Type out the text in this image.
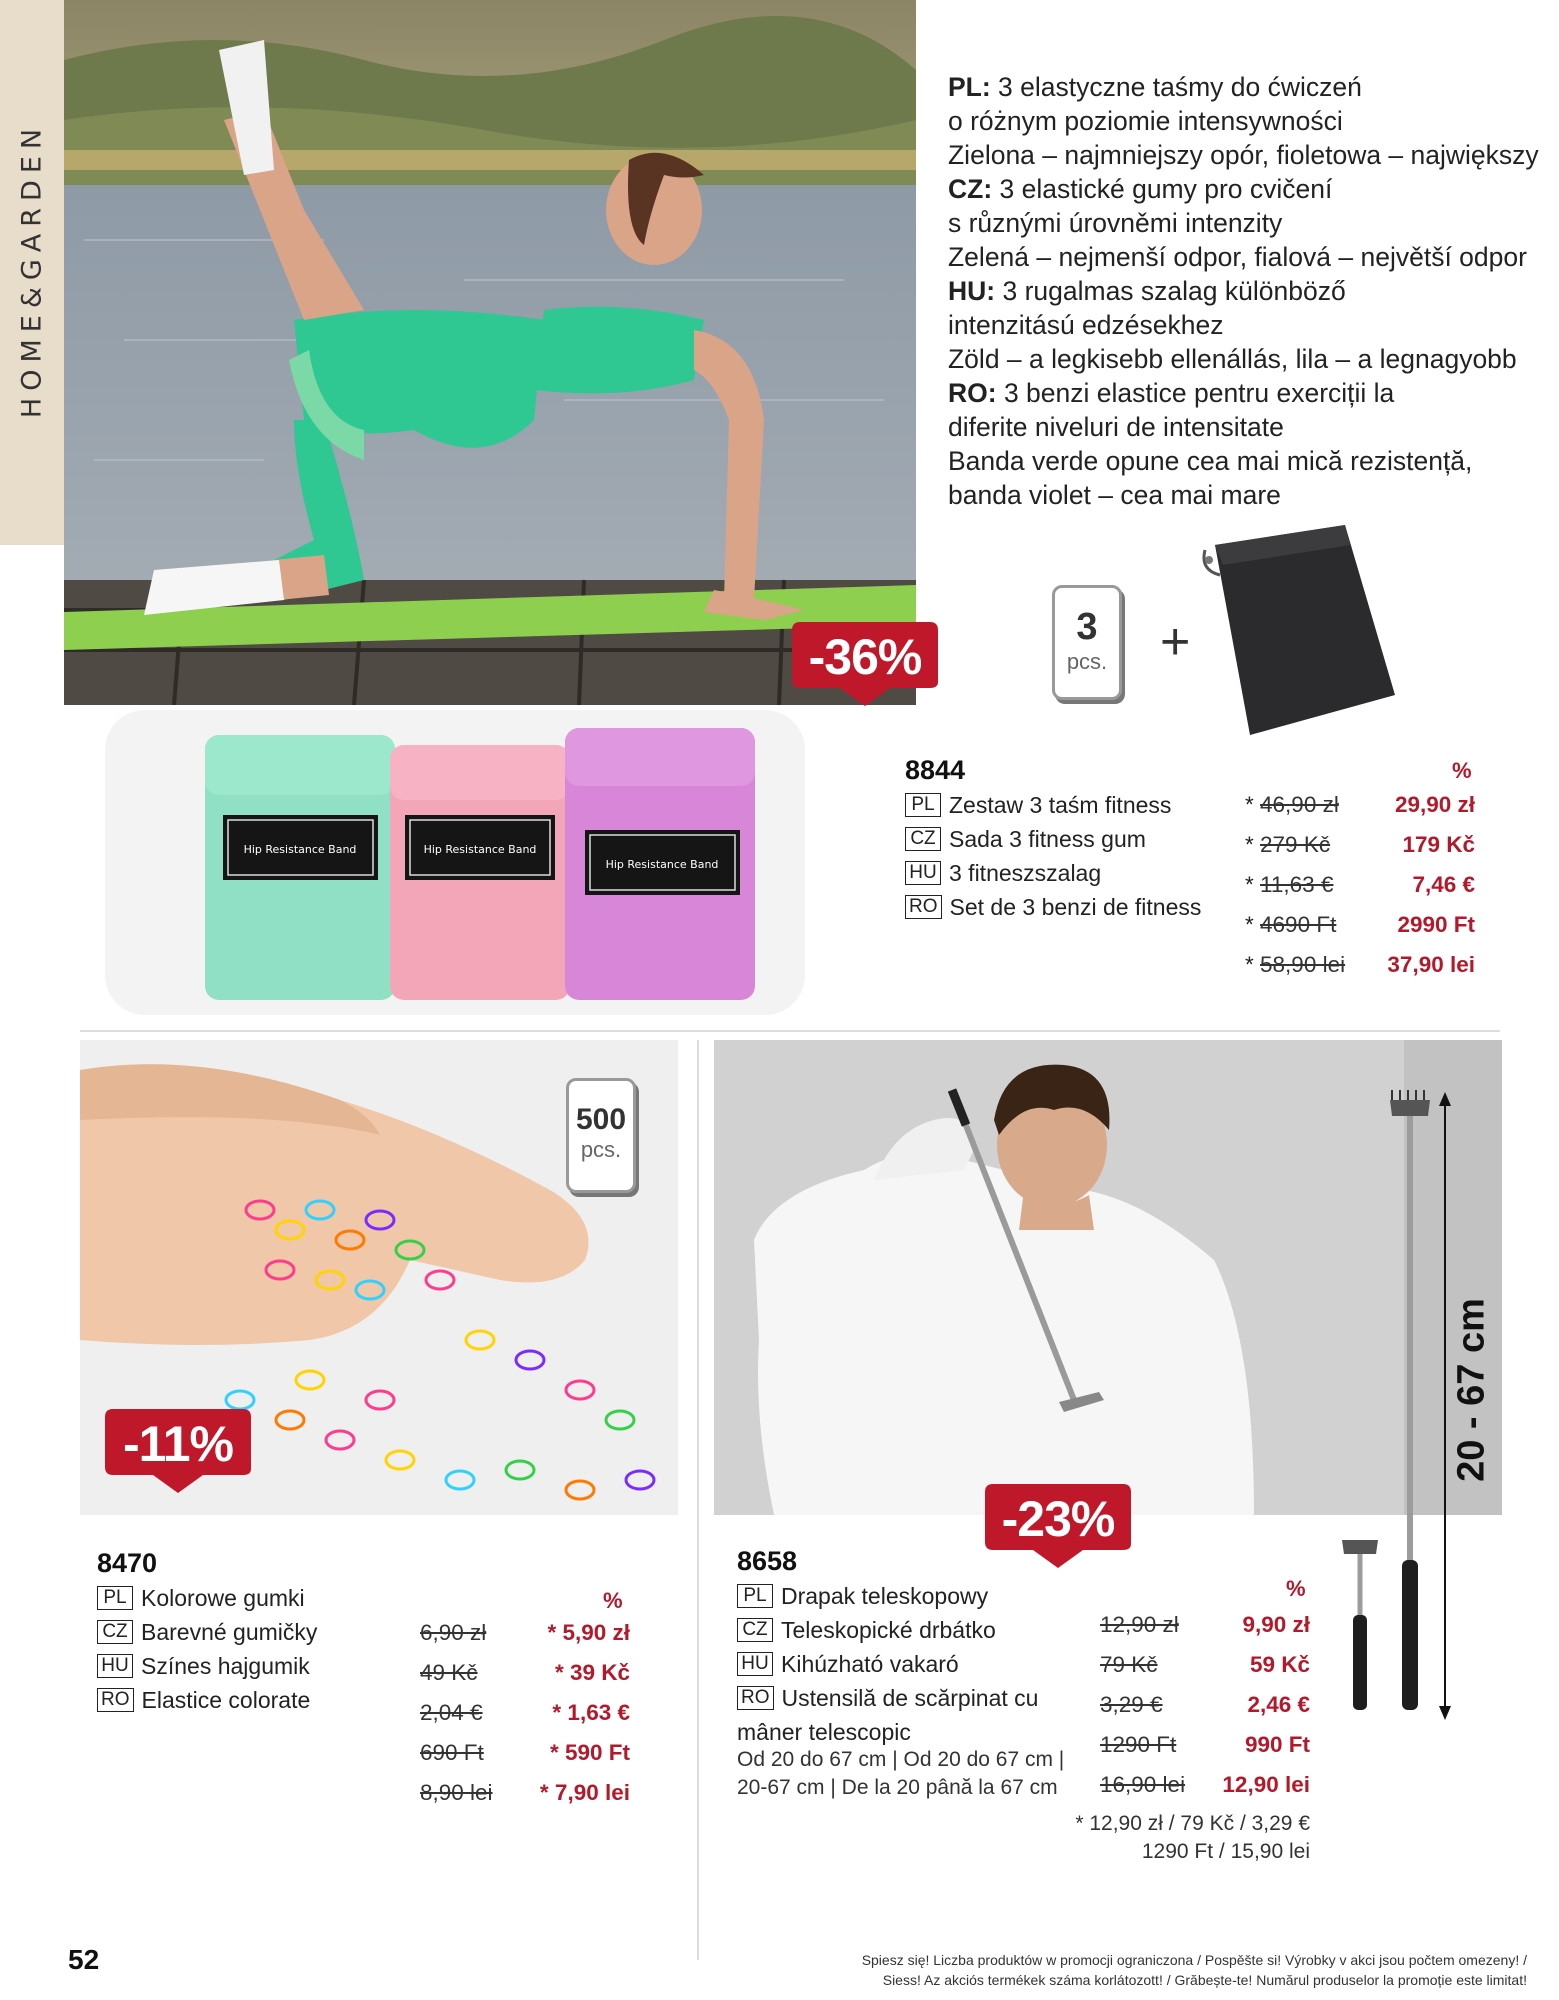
HOME&GARDEN
PL: 3 elastyczne taśmy do ćwiczeń
o różnym poziomie intensywności
Zielona – najmniejszy opór, fioletowa – największy
CZ: 3 elastické gumy pro cvičení
s různými úrovněmi intenzity
Zelená – nejmenší odpor, fialová – největší odpor
HU: 3 rugalmas szalag különböző
intenzitású edzésekhez
Zöld – a legkisebb ellenállás, lila – a legnagyobb
RO: 3 benzi elastice pentru exerciții la
diferite niveluri de intensitate
Banda verde opune cea mai mică rezistență,
banda violet – cea mai mare
-36%
3
pcs. +
Hip Resistance Band	Hip Resistance Band
Hip Resistance Band
8844
PL Zestaw 3 taśm fitness
CZ Sada 3 fitness gum
HU 3 fitneszszalag
RO Set de 3 benzi de fitness
%
* 46,90 zł 29,90 zł
* 279 Kč	179 Kč
* 11,63 €	7,46 €
* 4690 Ft	2990 Ft
* 58,90 lei 37,90 lei
500
pcs.
-11%
8470
PL Kolorowe gumki
CZ Barevné gumičky
HU Színes hajgumik
RO Elastice colorate
%
6,90 zł	* 5,90 zł
49 Kč	* 39 Kč
2,04 €	* 1,63 €
690 Ft	* 590 Ft
8,90 lei * 7,90 lei
20 - 67 cm
-23%
8658
PL Drapak teleskopowy
CZ Teleskopické drbátko
HU Kihúzható vakaró
RO Ustensilă de scărpinat cu
mâner telescopic
Od 20 do 67 cm | Od 20 do 67 cm |
20-67 cm | De la 20 până la 67 cm
%
12,90 zł	9,90 zł
79 Kč	59 Kč
3,29 €	2,46 €
1290 Ft	990 Ft
16,90 lei 12,90 lei
* 12,90 zł / 79 Kč / 3,29 €
1290 Ft / 15,90 lei
52	Spiesz się! Liczba produktów w promocji ograniczona / Pospěšte si! Výrobky v akci jsou počtem omezeny! /
Siess! Az akciós termékek száma korlátozott! / Grăbește-te! Numărul produselor la promoție este limitat!
